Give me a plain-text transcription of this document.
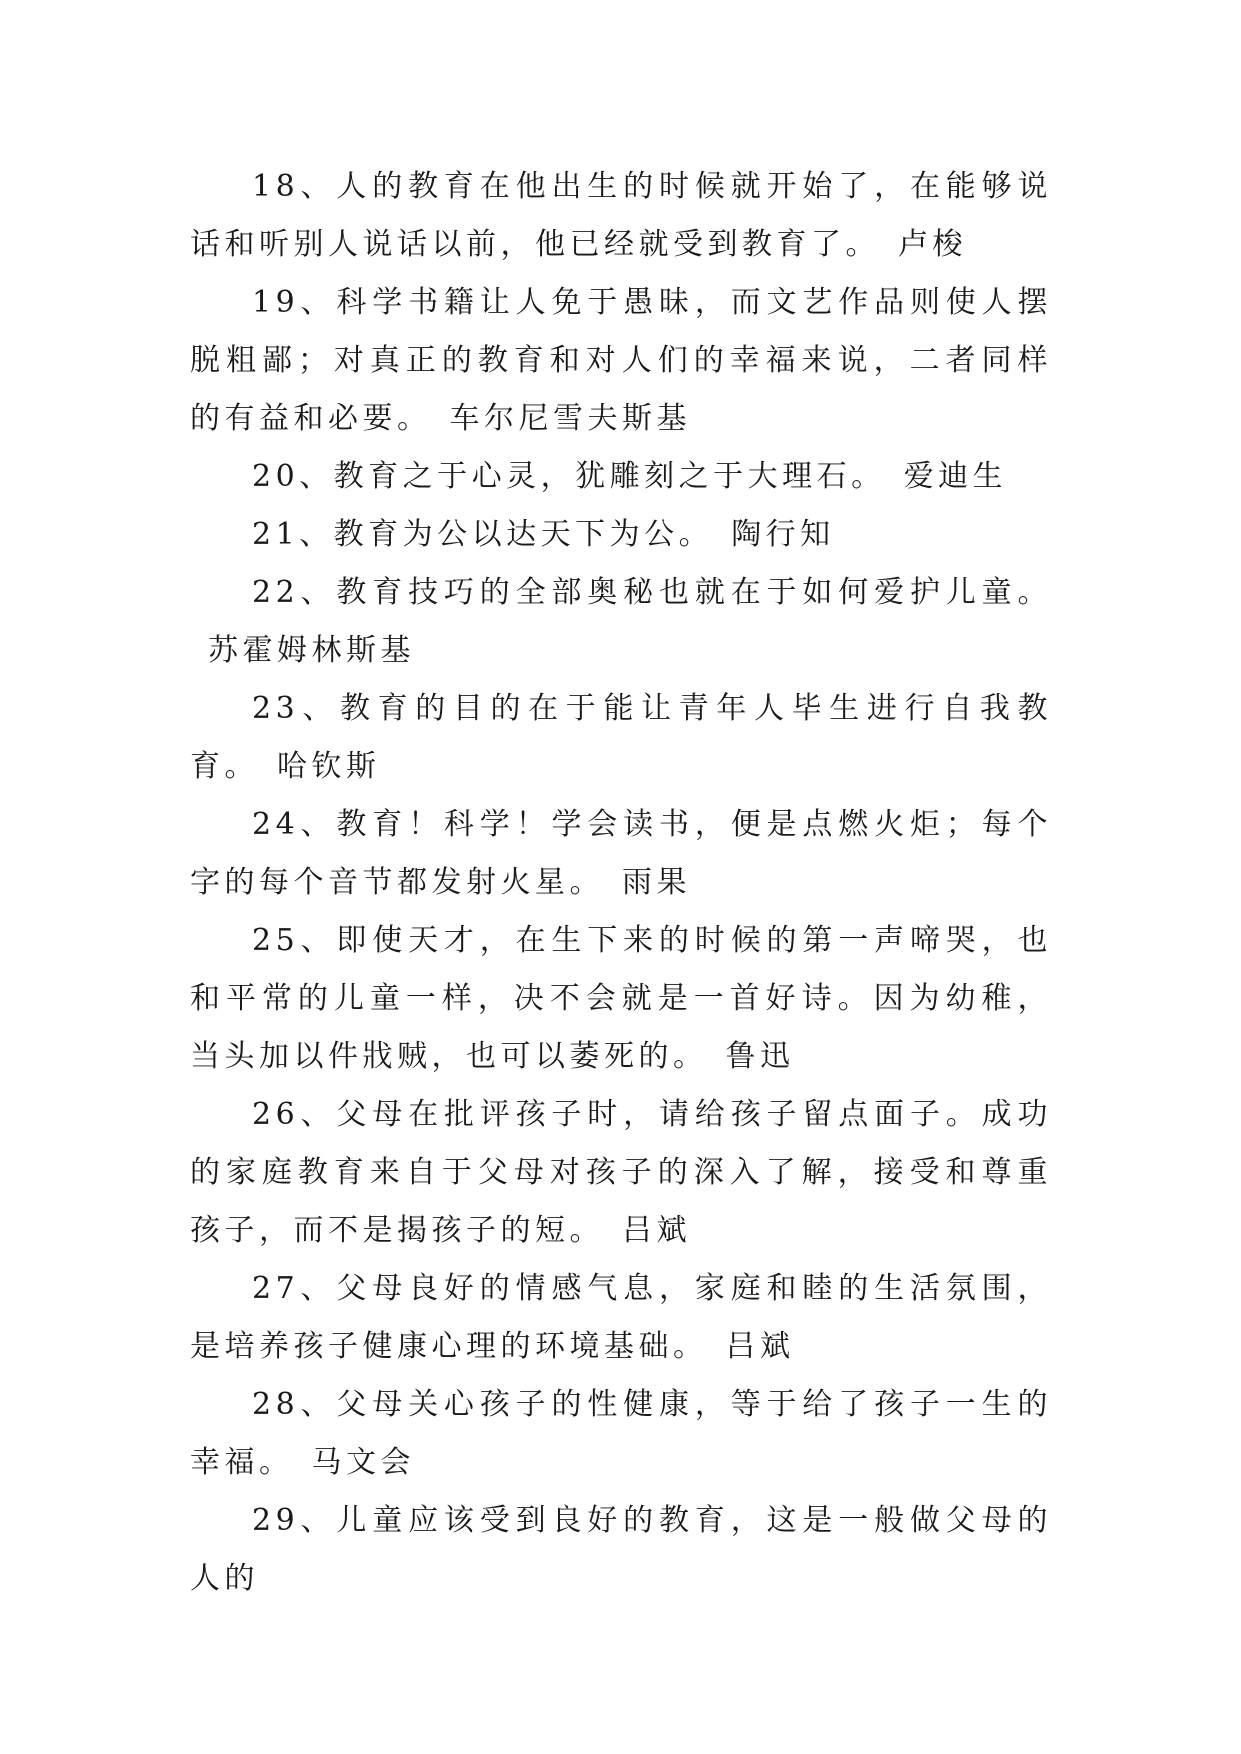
18、人的教育在他出生的时候就开始了，在能够说话和听别人说话以前，他已经就受到教育了。 卢梭

19、科学书籍让人免于愚昧，而文艺作品则使人摆脱粗鄙；对真正的教育和对人们的幸福来说，二者同样的有益和必要。 车尔尼雪夫斯基

20、教育之于心灵，犹雕刻之于大理石。 爱迪生

21、教育为公以达天下为公。 陶行知

22、教育技巧的全部奥秘也就在于如何爱护儿童。苏霍姆林斯基

23、教育的目的在于能让青年人毕生进行自我教育。 哈钦斯

24、教育！科学！学会读书，便是点燃火炬；每个字的每个音节都发射火星。 雨果

25、即使天才，在生下来的时候的第一声啼哭，也和平常的儿童一样，决不会就是一首好诗。因为幼稚，当头加以件戕贼，也可以萎死的。 鲁迅

26、父母在批评孩子时，请给孩子留点面子。成功的家庭教育来自于父母对孩子的深入了解，接受和尊重孩子，而不是揭孩子的短。 吕斌

27、父母良好的情感气息，家庭和睦的生活氛围，是培养孩子健康心理的环境基础。 吕斌

28、父母关心孩子的性健康，等于给了孩子一生的幸福。 马文会

29、儿童应该受到良好的教育，这是一般做父母的人的
